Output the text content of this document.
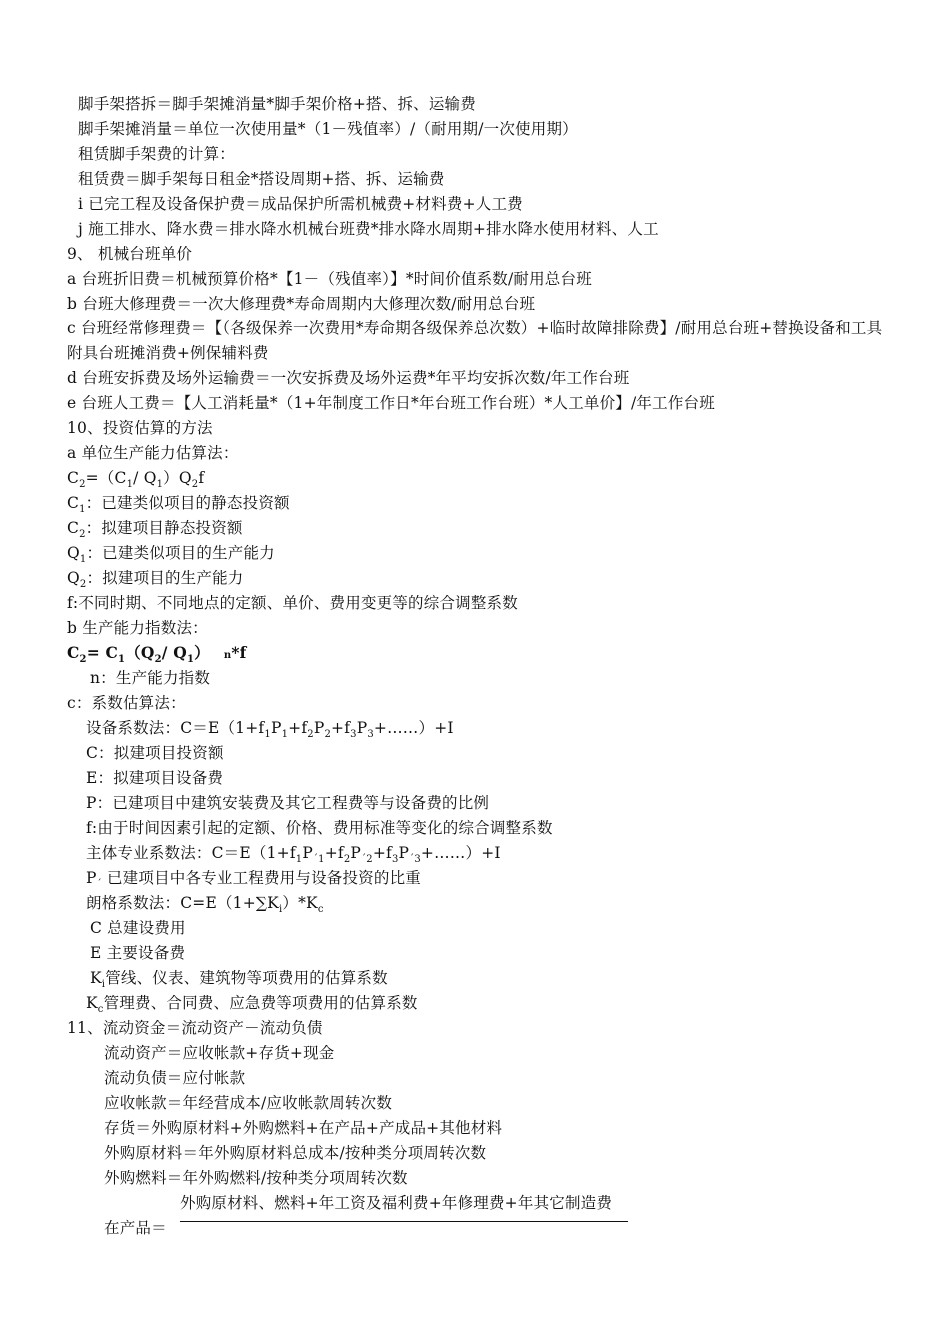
脚手架搭拆＝脚手架摊消量*脚手架价格+搭、拆、运输费
脚手架摊消量＝单位一次使用量*（1－残值率）/（耐用期/一次使用期）
租赁脚手架费的计算：
租赁费＝脚手架每日租金*搭设周期+搭、拆、运输费
i 已完工程及设备保护费＝成品保护所需机械费+材料费+人工费
j 施工排水、降水费＝排水降水机械台班费*排水降水周期+排水降水使用材料、人工
9、 机械台班单价
a 台班折旧费＝机械预算价格*【1－（残值率）】*时间价值系数/耐用总台班
b 台班大修理费＝一次大修理费*寿命周期内大修理次数/耐用总台班
c 台班经常修理费＝【（各级保养一次费用*寿命期各级保养总次数）+临时故障排除费】/耐用总台班+替换设备和工具附具台班摊消费+例保辅料费
d 台班安拆费及场外运输费＝一次安拆费及场外运费*年平均安拆次数/年工作台班
e 台班人工费＝【人工消耗量*（1+年制度工作日*年台班工作台班）*人工单价】/年工作台班
10、投资估算的方法
a 单位生产能力估算法：
$C_2=(C_1/$ $Q_1)Q_2f$
$C_1$：已建类似项目的静态投资额
$C_2$：拟建项目静态投资额
$Q_1$：已建类似项目的生产能力
$Q_2$：拟建项目的生产能力
f:不同时期、不同地点的定额、单价、费用变更等的综合调整系数
b 生产能力指数法：
$C_2= C_1(Q_2/$ $Q_1$） n*f
n：生产能力指数
c：系数估算法：
设备系数法：$C=E(1+f_1P_1+f_2P_2+f_3P_3+\dots\dots)+I$
C：拟建项目投资额
E：拟建项目设备费
P：已建项目中建筑安装费及其它工程费等与设备费的比例
f:由于时间因素引起的定额、价格、费用标准等变化的综合调整系数
主体专业系数法：$C=E(1+f_1P_{ˊ1}+f_2P_{ˊ2}+f_3P_{ˊ3}+\dots\dots)+I$
$P_ˊ$ 已建项目中各专业工程费用与设备投资的比重
朗格系数法：$C=E(1+\sum K_i)*K_c$
C 总建设费用
E 主要设备费
$K_i$管线、仪表、建筑物等项费用的估算系数
$K_c$管理费、合同费、应急费等项费用的估算系数
11、流动资金＝流动资产－流动负债
流动资产＝应收帐款+存货+现金
流动负债＝应付帐款
应收帐款＝年经营成本/应收帐款周转次数
存货＝外购原材料+外购燃料+在产品+产成品+其他材料
外购原材料＝年外购原材料总成本/按种类分项周转次数
外购燃料＝年外购燃料/按种类分项周转次数
外购原材料、燃料+年工资及福利费+年修理费+年其它制造费
在产品＝
